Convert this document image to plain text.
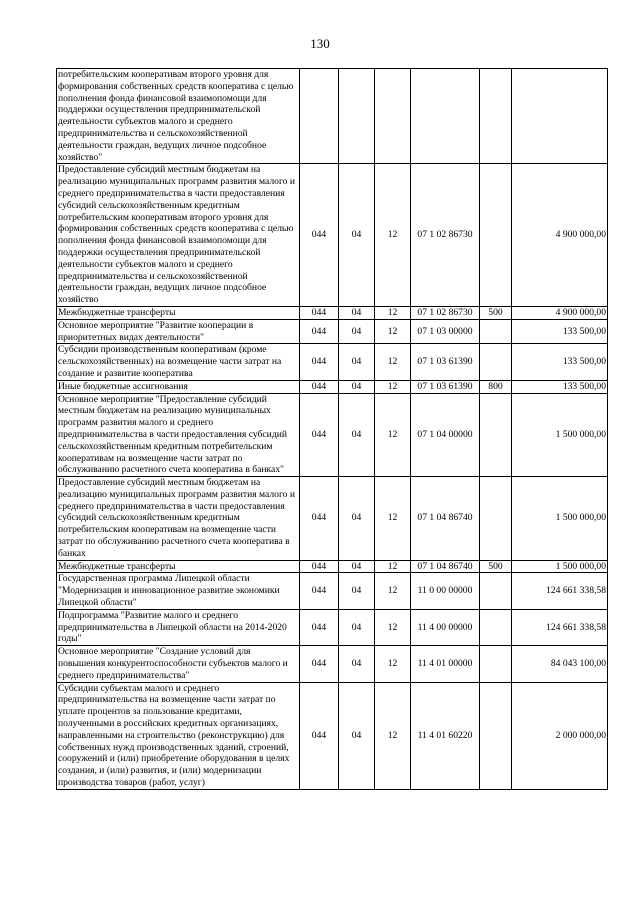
130
потребительским кооперативам второго уровня для формирования собственных средств кооператива с целью пополнения фонда финансовой взаимопомощи для поддержки осуществления предпринимательской деятельности субъектов малого и среднего предпринимательства и сельскохозяйственной деятельности граждан, ведущих личное подсобное хозяйство"						
Предоставление субсидий местным бюджетам на реализацию муниципальных программ развития малого и среднего предпринимательства в части предоставления субсидий сельскохозяйственным кредитным потребительским кооперативам второго уровня для формирования собственных средств кооператива с целью пополнения фонда финансовой взаимопомощи для поддержки осуществления предпринимательской деятельности субъектов малого и среднего предпринимательства и сельскохозяйственной деятельности граждан, ведущих личное подсобное хозяйство	044	04	12	07 1 02 86730		4 900 000,00
Межбюджетные трансферты	044	04	12	07 1 02 86730	500	4 900 000,00
Основное мероприятие "Развитие кооперации в приоритетных видах деятельности"	044	04	12	07 1 03 00000		133 500,00
Субсидии производственным кооперативам (кроме сельскохозяйственных) на возмещение части затрат на создание и развитие кооператива	044	04	12	07 1 03 61390		133 500,00
Иные бюджетные ассигнования	044	04	12	07 1 03 61390	800	133 500,00
Основное мероприятие "Предоставление субсидий местным бюджетам на реализацию муниципальных программ развития малого и среднего предпринимательства в части предоставления субсидий сельскохозяйственным кредитным потребительским кооперативам на возмещение части затрат по обслуживанию расчетного счета кооператива в банках"	044	04	12	07 1 04 00000		1 500 000,00
Предоставление субсидий местным бюджетам на реализацию муниципальных программ развития малого и среднего предпринимательства в части предоставления субсидий сельскохозяйственным кредитным потребительским кооперативам на возмещение части затрат по обслуживанию расчетного счета кооператива в банках	044	04	12	07 1 04 86740		1 500 000,00
Межбюджетные трансферты	044	04	12	07 1 04 86740	500	1 500 000,00
Государственная программа Липецкой области "Модернизация и инновационное развитие экономики Липецкой области"	044	04	12	11 0 00 00000		124 661 338,58
Подпрограмма "Развитие малого и среднего предпринимательства в Липецкой области на 2014-2020 годы"	044	04	12	11 4 00 00000		124 661 338,58
Основное мероприятие "Создание условий для повышения конкурентоспособности субъектов малого и среднего предпринимательства"	044	04	12	11 4 01 00000		84 043 100,00
Субсидии субъектам малого и среднего предпринимательства на возмещение части затрат по уплате процентов за пользование кредитами, полученными в российских кредитных организациях, направленными на строительство (реконструкцию) для собственных нужд производственных зданий, строений, сооружений и (или) приобретение оборудования в целях создания, и (или) развития, и (или) модернизации производства товаров (работ, услуг)	044	04	12	11 4 01 60220		2 000 000,00
